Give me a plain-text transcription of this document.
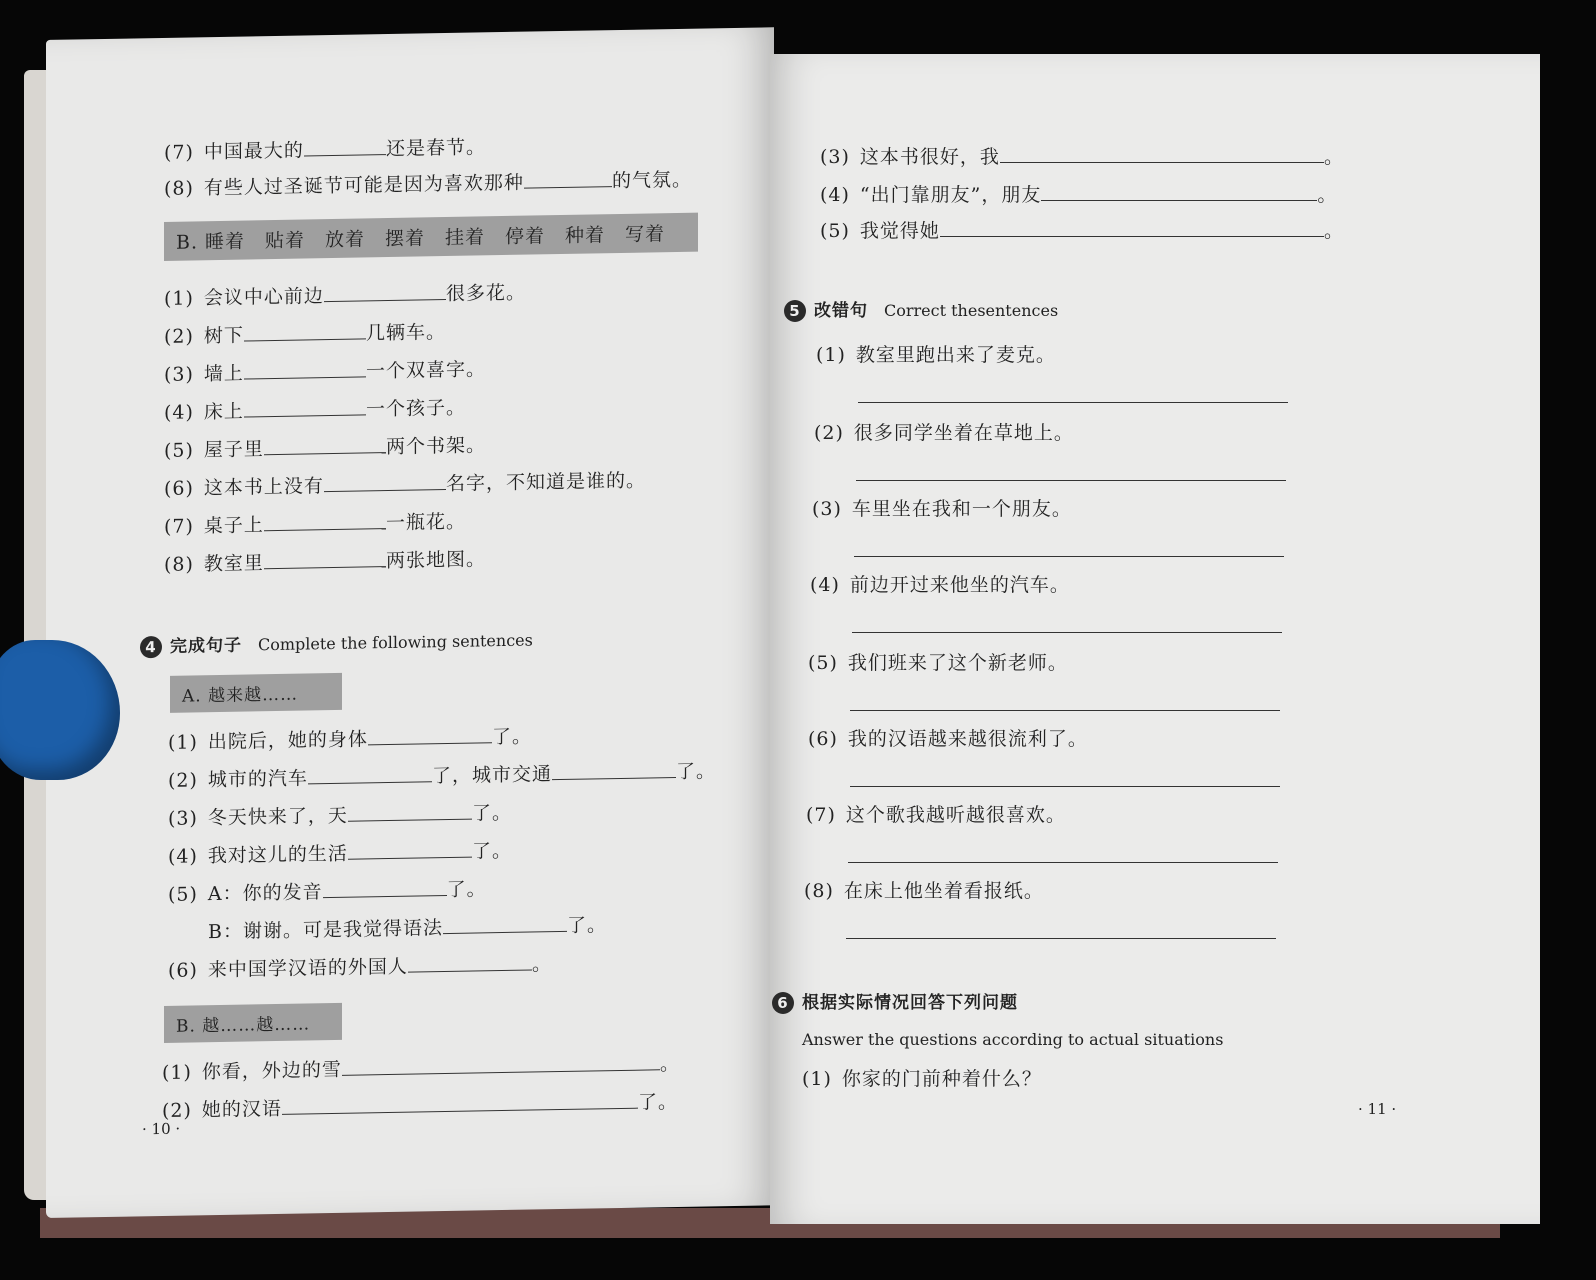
(7) 中国最大的	还是春节。
(8) 有些人过圣诞节可能是因为喜欢那种	的气氛。
B. 睡着　贴着　放着　摆着　挂着　停着　种着　写着
(1) 会议中心前边	很多花。
(2) 树下	几辆车。
(3) 墙上	一个双喜字。
(4) 床上	一个孩子。
(5) 屋子里	两个书架。
(6) 这本书上没有	名字，不知道是谁的。
(7) 桌子上	一瓶花。
(8) 教室里	两张地图。
4 完成句子 Complete the following sentences
A. 越来越……
(1) 出院后，她的身体	了。
(2) 城市的汽车	了，城市交通	了。
(3) 冬天快来了，天	了。
(4) 我对这儿的生活	了。
(5) A：你的发音	了。
B：谢谢。可是我觉得语法	了。
(6) 来中国学汉语的外国人	。
B. 越……越……
(1) 你看，外边的雪	。
(2) 她的汉语	了。
· 10 ·
(3) 这本书很好，我	。
(4) “出门靠朋友”，朋友	。
(5) 我觉得她	。
5 改错句 Correct thesentences
(1) 教室里跑出来了麦克。
(2) 很多同学坐着在草地上。
(3) 车里坐在我和一个朋友。
(4) 前边开过来他坐的汽车。
(5) 我们班来了这个新老师。
(6) 我的汉语越来越很流利了。
(7) 这个歌我越听越很喜欢。
(8) 在床上他坐着看报纸。
6 根据实际情况回答下列问题
Answer the questions according to actual situations
(1) 你家的门前种着什么？
· 11 ·
